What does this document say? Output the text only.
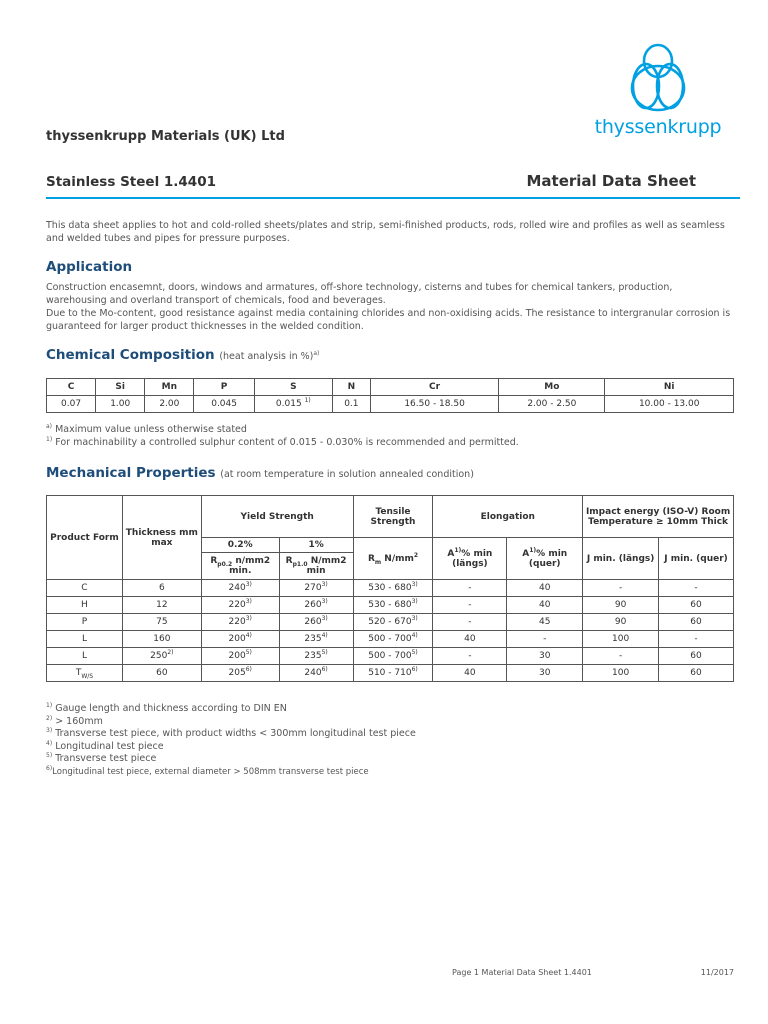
thyssenkrupp
thyssenkrupp Materials (UK) Ltd
Stainless Steel 1.4401	Material Data Sheet
This data sheet applies to hot and cold-rolled sheets/plates and strip, semi-finished products, rods, rolled wire and profiles as well as seamless and welded tubes and pipes for pressure purposes.
Application
Construction encasemnt, doors, windows and armatures, off-shore technology, cisterns and tubes for chemical tankers, production, warehousing and overland transport of chemicals, food and beverages.
Due to the Mo-content, good resistance against media containing chlorides and non-oxidising acids. The resistance to intergranular corrosion is guaranteed for larger product thicknesses in the welded condition.
Chemical Composition (heat analysis in %)$^{a)}$
C	Si	Mn	P	S	N	Cr	Mo	Ni
0.07	1.00	2.00	0.045	0.015 $^{1)}$	0.1	16.50 - 18.50	2.00 - 2.50	10.00 - 13.00
$^{a)}$ Maximum value unless otherwise stated
$^{1)}$ For machinability a controlled sulphur content of 0.015 - 0.030% is recommended and permitted.
Mechanical Properties (at room temperature in solution annealed condition)
Product Form	Thickness mm max	Yield Strength		Tensile Strength	Elongation		Impact energy (ISO-V) Room Temperature ≥ 10mm Thick	
		0.2%	1%	$R_m$ $N/mm^2$	$A^{1)}\%$ min (längs)	$A^{1)}\%$ min (quer)	J min. (längs)	J min. (quer)
		$R_{p0.2}$ n/mm2 min.	$R_{p1.0}$ N/mm2 min					
C	6	240$^{3)}$	270$^{3)}$	530 - 680$^{3)}$	-	40	-	-
H	12	220$^{3)}$	260$^{3)}$	530 - 680$^{3)}$	-	40	90	60
P	75	220$^{3)}$	260$^{3)}$	520 - 670$^{3)}$	-	45	90	60
L	160	200$^{4)}$	235$^{4)}$	500 - 700$^{4)}$	40	-	100	-
L	250$^{2)}$	200$^{5)}$	235$^{5)}$	500 - 700$^{5)}$	-	30	-	60
$T_{W/S}$	60	205$^{6)}$	240$^{6)}$	510 - 710$^{6)}$	40	30	100	60
$^{1)}$ Gauge length and thickness according to DIN EN
$^{2)}$ > 160mm
$^{3)}$ Transverse test piece, with product widths < 300mm longitudinal test piece
$^{4)}$ Longitudinal test piece
$^{5)}$ Transverse test piece
$^{6)}$Longitudinal test piece, external diameter > 508mm transverse test piece
Page 1 Material Data Sheet 1.4401	11/2017
